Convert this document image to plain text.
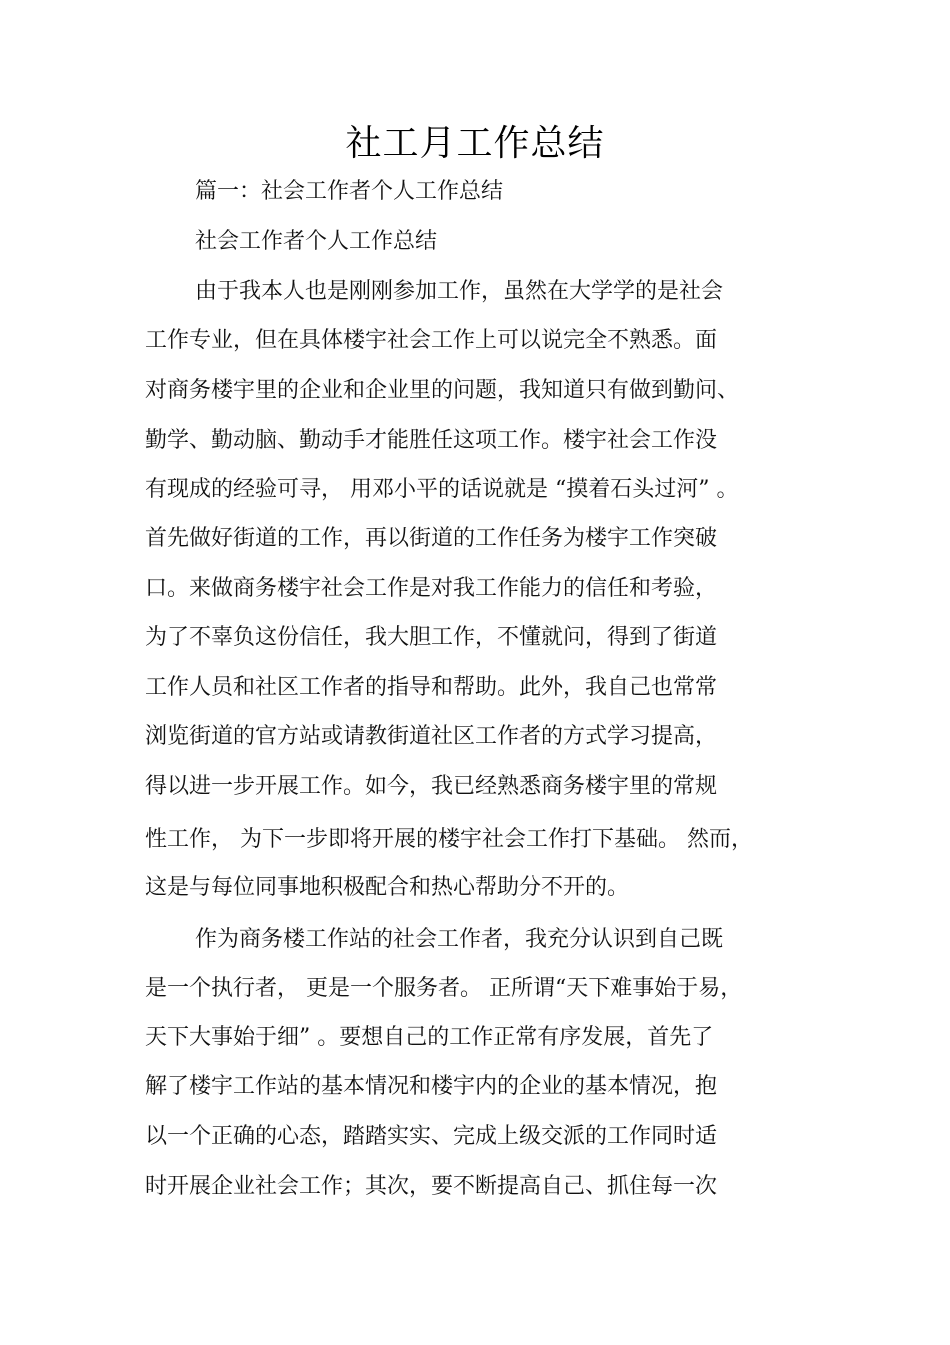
社工月工作总结
篇一：社会工作者个人工作总结
社会工作者个人工作总结
由于我本人也是刚刚参加工作，虽然在大学学的是社会
工作专业，但在具体楼宇社会工作上可以说完全不熟悉。面
对商务楼宇里的企业和企业里的问题，我知道只有做到勤问、
勤学、勤动脑、勤动手才能胜任这项工作。楼宇社会工作没
有现成的经验可寻， 用邓小平的话说就是 “摸着石头过河” 。
首先做好街道的工作，再以街道的工作任务为楼宇工作突破
口。来做商务楼宇社会工作是对我工作能力的信任和考验，
为了不辜负这份信任，我大胆工作，不懂就问，得到了街道
工作人员和社区工作者的指导和帮助。此外，我自己也常常
浏览街道的官方站或请教街道社区工作者的方式学习提高，
得以进一步开展工作。如今，我已经熟悉商务楼宇里的常规
性工作， 为下一步即将开展的楼宇社会工作打下基础。 然而，
这是与每位同事地积极配合和热心帮助分不开的。
作为商务楼工作站的社会工作者，我充分认识到自己既
是一个执行者， 更是一个服务者。 正所谓“天下难事始于易，
天下大事始于细” 。要想自己的工作正常有序发展，首先了
解了楼宇工作站的基本情况和楼宇内的企业的基本情况，抱
以一个正确的心态，踏踏实实、完成上级交派的工作同时适
时开展企业社会工作；其次，要不断提高自己、抓住每一次
